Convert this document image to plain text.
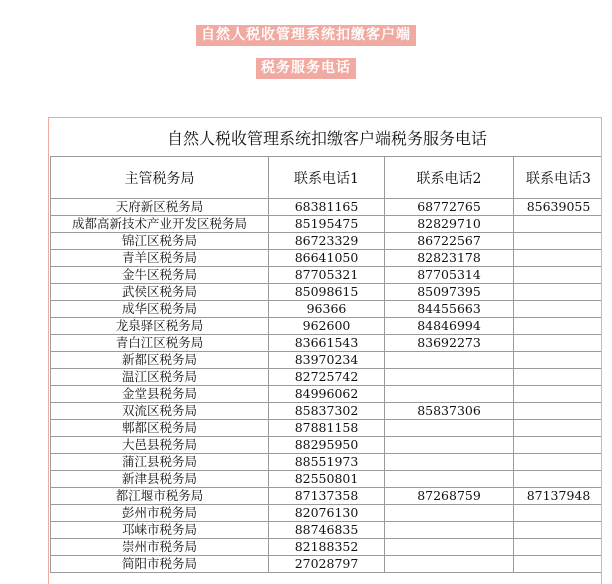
自然人税收管理系统扣缴客户端
税务服务电话
自然人税收管理系统扣缴客户端税务服务电话			
主管税务局	联系电话1	联系电话2	联系电话3
天府新区税务局	68381165	68772765	85639055
成都高新技术产业开发区税务局	85195475	82829710	
锦江区税务局	86723329	86722567	
青羊区税务局	86641050	82823178	
金牛区税务局	87705321	87705314	
武侯区税务局	85098615	85097395	
成华区税务局	96366	84455663	
龙泉驿区税务局	962600	84846994	
青白江区税务局	83661543	83692273	
新都区税务局	83970234		
温江区税务局	82725742		
金堂县税务局	84996062		
双流区税务局	85837302	85837306	
郫都区税务局	87881158		
大邑县税务局	88295950		
蒲江县税务局	88551973		
新津县税务局	82550801		
都江堰市税务局	87137358	87268759	87137948
彭州市税务局	82076130		
邛崃市税务局	88746835		
崇州市税务局	82188352		
简阳市税务局	27028797		
